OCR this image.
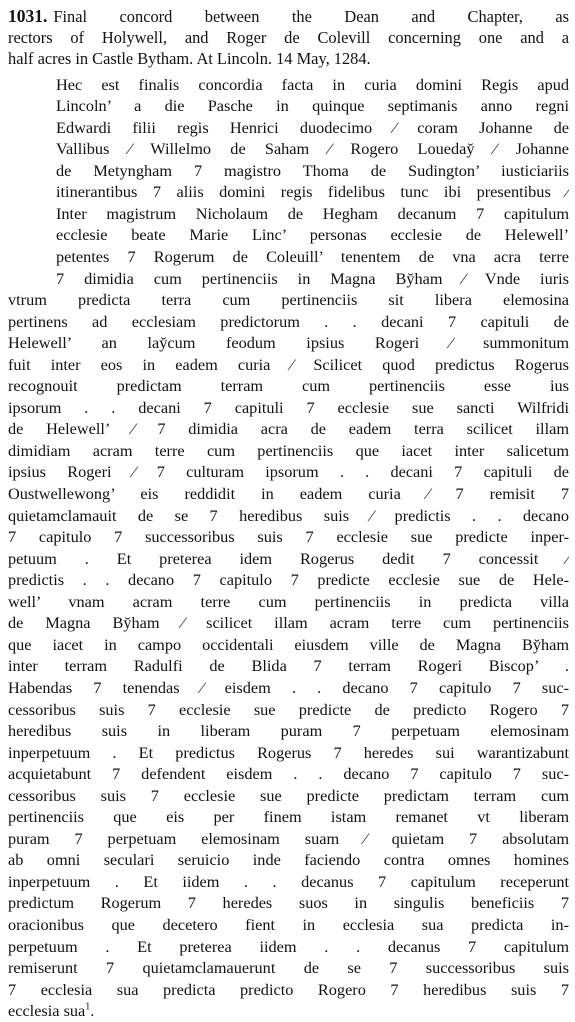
1031. Final concord between the Dean and Chapter, as
rectors of Holywell, and Roger de Colevill concerning one and a
half acres in Castle Bytham. At Lincoln. 14 May, 1284.

Hec est finalis concordia facta in curia domini Regis apud
Lincoln’ a die Pasche in quinque septimanis anno regni
Edwardi filii regis Henrici duodecimo ⁄ coram Johanne de
Vallibus ⁄ Willelmo de Saham ⁄ Rogero Loueday̆ ⁄ Johanne
de Metyngham 7 magistro Thoma de Sudington’ iusticiariis
itinerantibus 7 aliis domini regis fidelibus tunc ibi presentibus ⁄
Inter magistrum Nicholaum de Hegham decanum 7 capitulum
ecclesie beate Marie Linc’ personas ecclesie de Helewell’
petentes 7 Rogerum de Coleuill’ tenentem de vna acra terre
7 dimidia cum pertinenciis in Magna By̆ham ⁄ Vnde iuris
vtrum predicta terra cum pertinenciis sit libera elemosina
pertinens ad ecclesiam predictorum . . decani 7 capituli de
Helewell’ an lay̆cum feodum ipsius Rogeri ⁄ summonitum
fuit inter eos in eadem curia ⁄ Scilicet quod predictus Rogerus
recognouit predictam terram cum pertinenciis esse ius
ipsorum . . decani 7 capituli 7 ecclesie sue sancti Wilfridi
de Helewell’ ⁄ 7 dimidia acra de eadem terra scilicet illam
dimidiam acram terre cum pertinenciis que iacet inter salicetum
ipsius Rogeri ⁄ 7 culturam ipsorum . . decani 7 capituli de
Oustwellewong’ eis reddidit in eadem curia ⁄ 7 remisit 7
quietamclamauit de se 7 heredibus suis ⁄ predictis . . decano
7 capitulo 7 successoribus suis 7 ecclesie sue predicte inper-
petuum . Et preterea idem Rogerus dedit 7 concessit ⁄
predictis . . decano 7 capitulo 7 predicte ecclesie sue de Hele-
well’ vnam acram terre cum pertinenciis in predicta villa
de Magna By̆ham ⁄ scilicet illam acram terre cum pertinenciis
que iacet in campo occidentali eiusdem ville de Magna By̆ham
inter terram Radulfi de Blida 7 terram Rogeri Biscop’ .
Habendas 7 tenendas ⁄ eisdem . . decano 7 capitulo 7 suc-
cessoribus suis 7 ecclesie sue predicte de predicto Rogero 7
heredibus suis in liberam puram 7 perpetuam elemosinam
inperpetuum . Et predictus Rogerus 7 heredes sui warantizabunt
acquietabunt 7 defendent eisdem . . decano 7 capitulo 7 suc-
cessoribus suis 7 ecclesie sue predicte predictam terram cum
pertinenciis que eis per finem istam remanet vt liberam
puram 7 perpetuam elemosinam suam ⁄ quietam 7 absolutam
ab omni seculari seruicio inde faciendo contra omnes homines
inperpetuum . Et iidem . . decanus 7 capitulum receperunt
predictum Rogerum 7 heredes suos in singulis beneficiis 7
oracionibus que decetero fient in ecclesia sua predicta in-
perpetuum . Et preterea iidem . . decanus 7 capitulum
remiserunt 7 quietamclamauerunt de se 7 successoribus suis
7 ecclesia sua predicta predicto Rogero 7 heredibus suis 7
ecclesia sua$^1$.
